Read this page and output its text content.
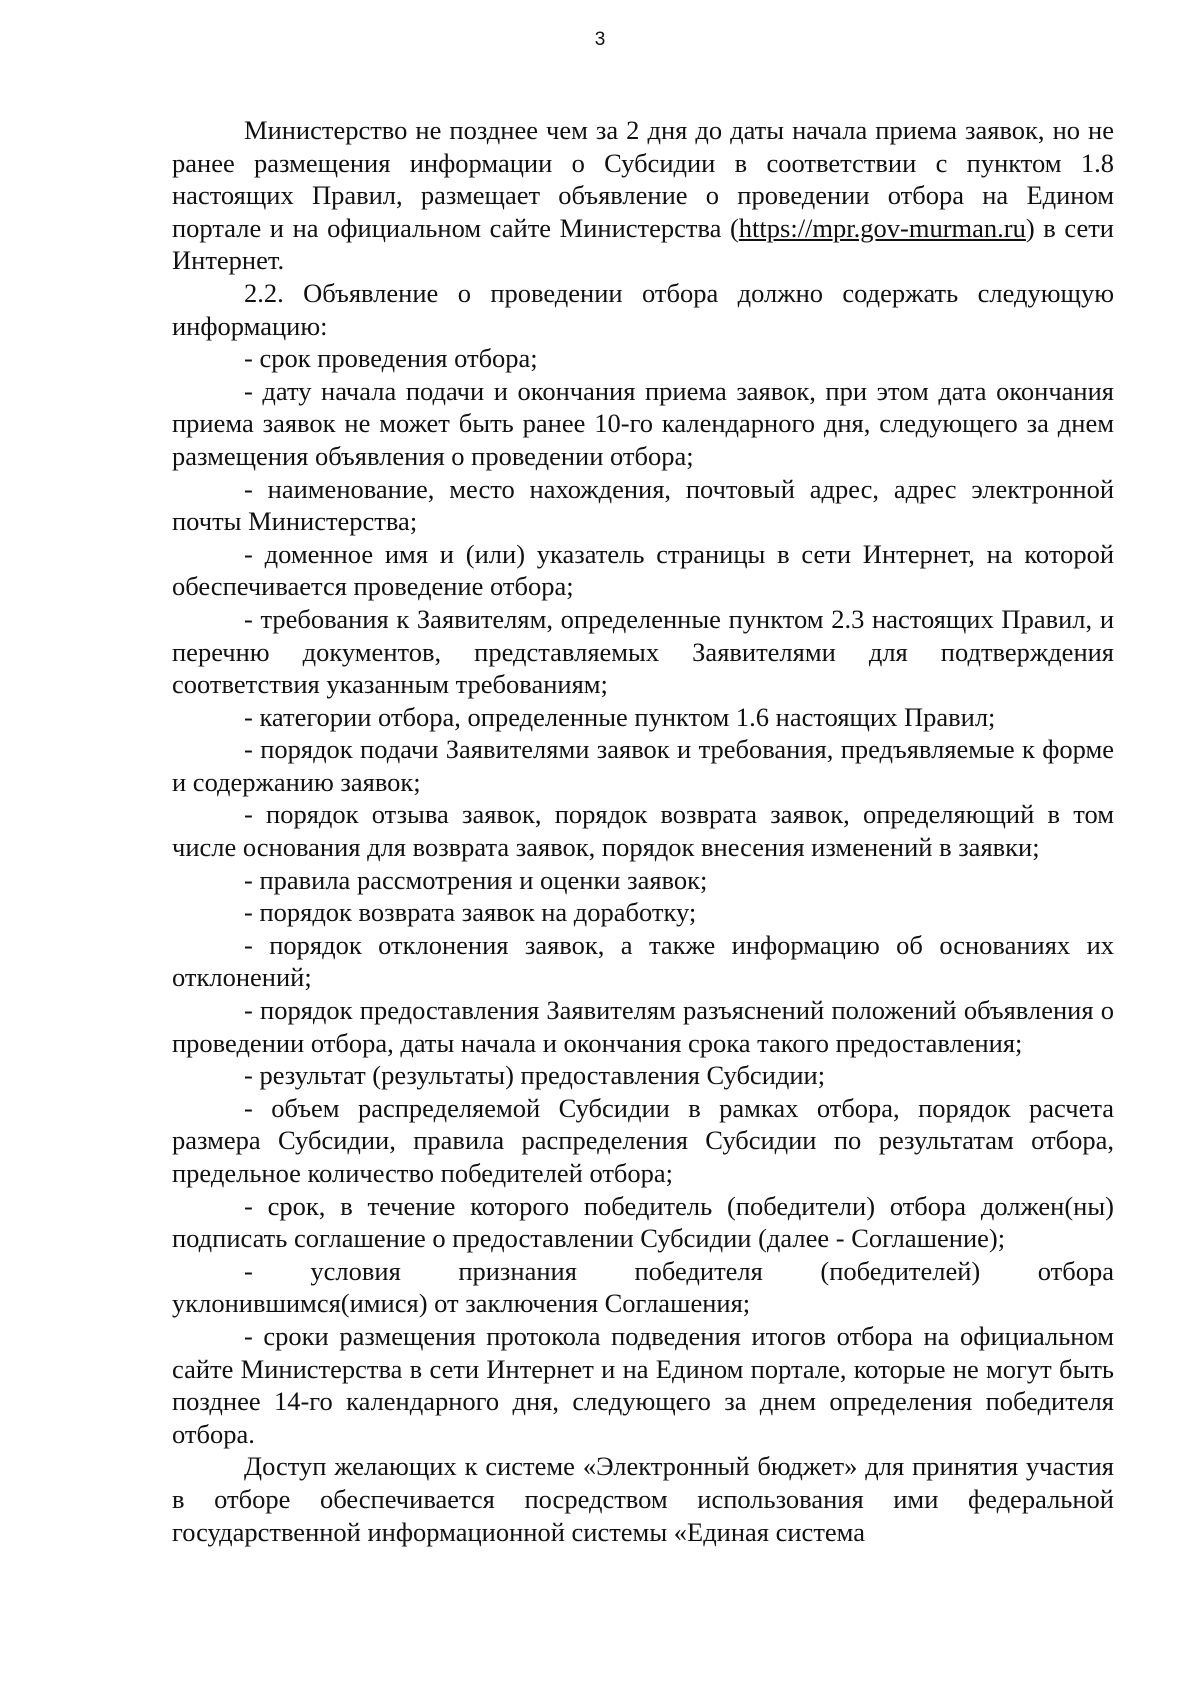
3

Министерство не позднее чем за 2 дня до даты начала приема заявок, но не ранее размещения информации о Субсидии в соответствии с пунктом 1.8 настоящих Правил, размещает объявление о проведении отбора на Едином портале и на официальном сайте Министерства (https://mpr.gov-murman.ru) в сети Интернет.

2.2. Объявление о проведении отбора должно содержать следующую информацию:

- срок проведения отбора;

- дату начала подачи и окончания приема заявок, при этом дата окончания приема заявок не может быть ранее 10-го календарного дня, следующего за днем размещения объявления о проведении отбора;

- наименование, место нахождения, почтовый адрес, адрес электронной почты Министерства;

- доменное имя и (или) указатель страницы в сети Интернет, на которой обеспечивается проведение отбора;

- требования к Заявителям, определенные пунктом 2.3 настоящих Правил, и перечню документов, представляемых Заявителями для подтверждения соответствия указанным требованиям;

- категории отбора, определенные пунктом 1.6 настоящих Правил;

- порядок подачи Заявителями заявок и требования, предъявляемые к форме и содержанию заявок;

- порядок отзыва заявок, порядок возврата заявок, определяющий в том числе основания для возврата заявок, порядок внесения изменений в заявки;

- правила рассмотрения и оценки заявок;

- порядок возврата заявок на доработку;

- порядок отклонения заявок, а также информацию об основаниях их отклонений;

- порядок предоставления Заявителям разъяснений положений объявления о проведении отбора, даты начала и окончания срока такого предоставления;

- результат (результаты) предоставления Субсидии;

- объем распределяемой Субсидии в рамках отбора, порядок расчета размера Субсидии, правила распределения Субсидии по результатам отбора, предельное количество победителей отбора;

- срок, в течение которого победитель (победители) отбора должен(ны) подписать соглашение о предоставлении Субсидии (далее - Соглашение);

- условия признания победителя (победителей) отбора уклонившимся(имися) от заключения Соглашения;

- сроки размещения протокола подведения итогов отбора на официальном сайте Министерства в сети Интернет и на Едином портале, которые не могут быть позднее 14-го календарного дня, следующего за днем определения победителя отбора.

Доступ желающих к системе «Электронный бюджет» для принятия участия в отборе обеспечивается посредством использования ими федеральной государственной информационной системы «Единая система
